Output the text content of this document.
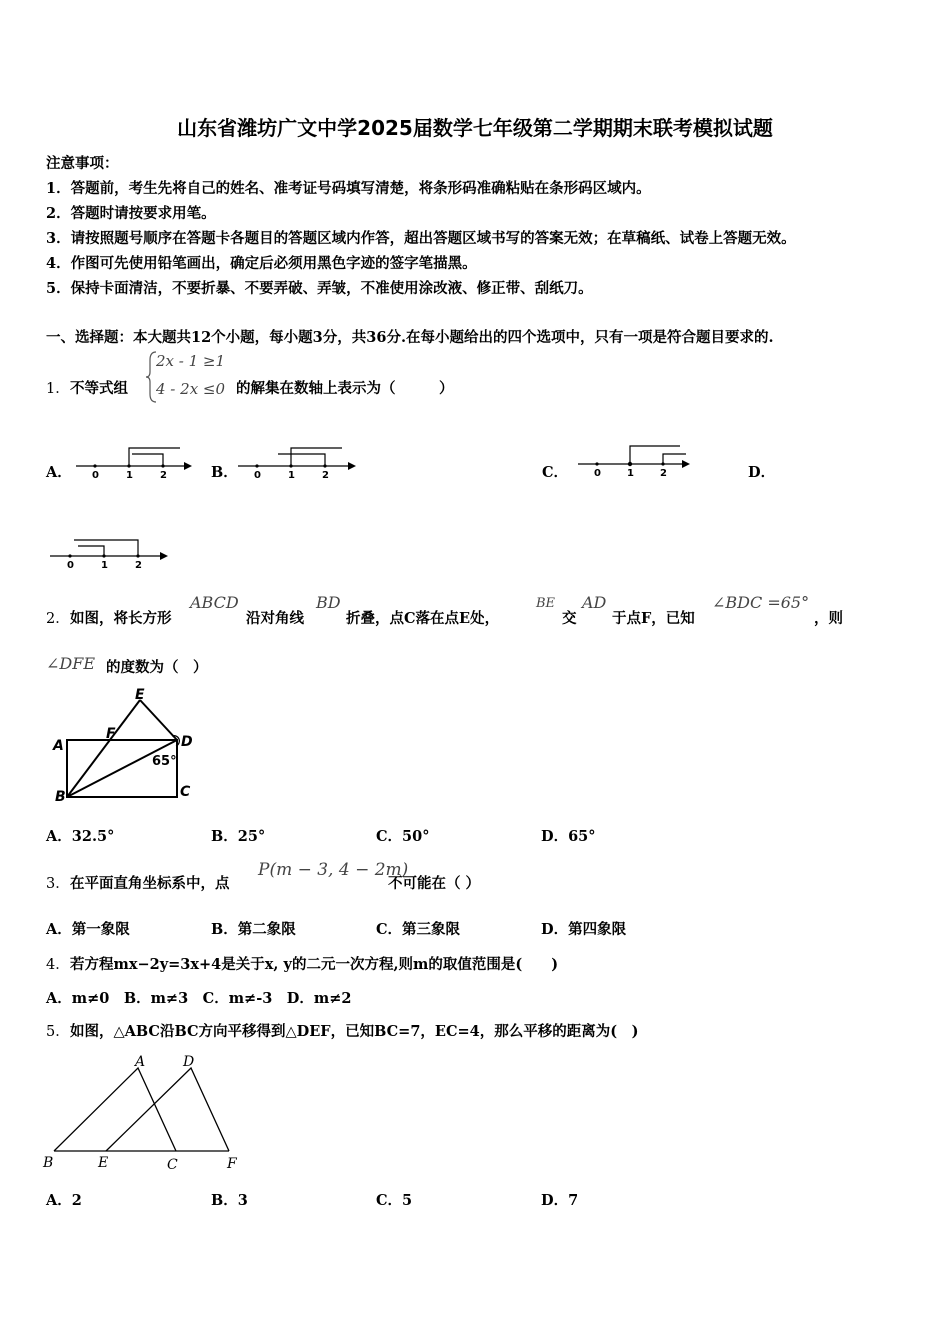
山东省潍坊广文中学2025届数学七年级第二学期期末联考模拟试题
注意事项：
1．答题前，考生先将自己的姓名、准考证号码填写清楚，将条形码准确粘贴在条形码区域内。
2．答题时请按要求用笔。
3．请按照题号顺序在答题卡各题目的答题区域内作答，超出答题区域书写的答案无效；在草稿纸、试卷上答题无效。
4．作图可先使用铅笔画出，确定后必须用黑色字迹的签字笔描黑。
5．保持卡面清洁，不要折暴、不要弄破、弄皱，不准使用涂改液、修正带、刮纸刀。
一、选择题：本大题共12个小题，每小题3分，共36分.在每小题给出的四个选项中，只有一项是符合题目要求的.
1． 不等式组
2x - 1 ≥1
4 - 2x ≤0 的解集在数轴上表示为（　　　）
A． 0	1	2	B． 0	1	2	C．	0	1	2	D．
0	1	2
2． 如图，将长方形
ABCD
沿对角线
BD
折叠，点C落在点E处，
BE
交
AD
于点F，已知
∠BDC =65°
，则
∠DFE 的度数为（　）
E
F
A	D
B	C
65°
A．32.5°	B．25°	C．50°	D．65°
3． 在平面直角坐标系中，点
P(m − 3, 4 − 2m)
不可能在（ ）
A．第一象限	B．第二象限	C．第三象限	D．第四象限
4． 若方程mx−2y=3x+4是关于x, y的二元一次方程,则m的取值范围是(　　)
A．m≠0　B．m≠3　C．m≠-3　D．m≠2
5． 如图，△ABC沿BC方向平移得到△DEF，已知BC=7，EC=4，那么平移的距离为(　)
A	D
B	E	C	F
A．2	B．3	C．5	D．7
